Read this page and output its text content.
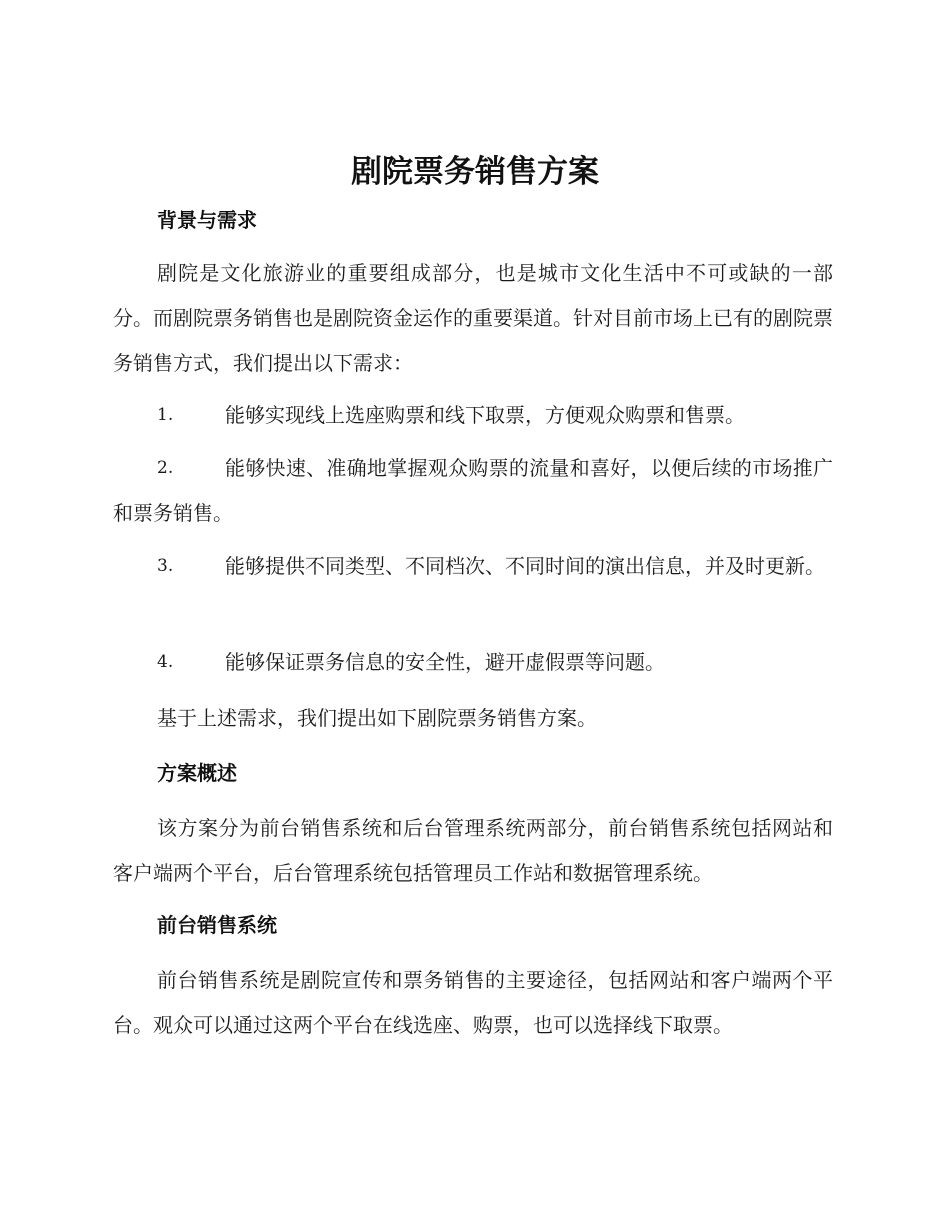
剧院票务销售方案
背景与需求

剧院是文化旅游业的重要组成部分，也是城市文化生活中不可或缺的一部分。而剧院票务销售也是剧院资金运作的重要渠道。针对目前市场上已有的剧院票务销售方式，我们提出以下需求：

1.	能够实现线上选座购票和线下取票，方便观众购票和售票。
2.	能够快速、准确地掌握观众购票的流量和喜好，以便后续的市场推广和票务销售。
3.	能够提供不同类型、不同档次、不同时间的演出信息，并及时更新。
4.	能够保证票务信息的安全性，避开虚假票等问题。

基于上述需求，我们提出如下剧院票务销售方案。

方案概述

该方案分为前台销售系统和后台管理系统两部分，前台销售系统包括网站和客户端两个平台，后台管理系统包括管理员工作站和数据管理系统。

前台销售系统

前台销售系统是剧院宣传和票务销售的主要途径，包括网站和客户端两个平台。观众可以通过这两个平台在线选座、购票，也可以选择线下取票。
